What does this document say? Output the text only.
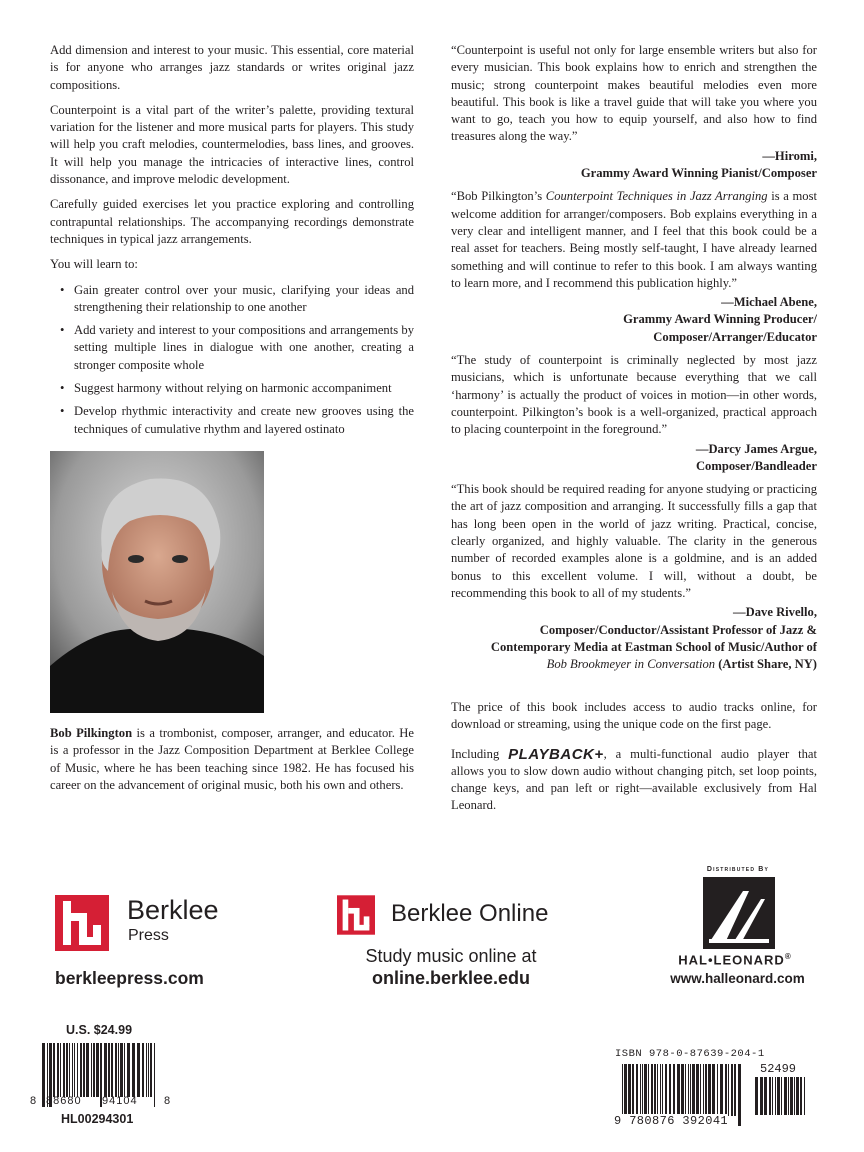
Add dimension and interest to your music. This essential, core material is for anyone who arranges jazz standards or writes original jazz compositions.

Counterpoint is a vital part of the writer’s palette, providing textural variation for the listener and more musical parts for players. This study will help you craft melodies, countermelodies, bass lines, and grooves. It will help you manage the intricacies of interactive lines, control dissonance, and improve melodic development.

Carefully guided exercises let you practice exploring and controlling contrapuntal relationships. The accompanying recordings demonstrate techniques in typical jazz arrangements.

You will learn to:

• Gain greater control over your music, clarifying your ideas and strengthening their relationship to one another
• Add variety and interest to your compositions and arrangements by setting multiple lines in dialogue with one another, creating a stronger composite whole
• Suggest harmony without relying on harmonic accompaniment
• Develop rhythmic interactivity and create new grooves using the techniques of cumulative rhythm and layered ostinato
Bob Pilkington is a trombonist, composer, arranger, and educator. He is a professor in the Jazz Composition Department at Berklee College of Music, where he has been teaching since 1982. He has focused his career on the advancement of original music, both his own and others.

“Counterpoint is useful not only for large ensemble writers but also for every musician. This book explains how to enrich and strengthen the music; strong counterpoint makes beautiful melodies even more beautiful. This book is like a travel guide that will take you where you want to go, teach you how to equip yourself, and also how to find treasures along the way.”

—Hiromi,
Grammy Award Winning Pianist/Composer

“Bob Pilkington’s Counterpoint Techniques in Jazz Arranging is a most welcome addition for arranger/composers. Bob explains everything in a very clear and intelligent manner, and I feel that this book could be a real asset for teachers. Being mostly self-taught, I have already learned something and will continue to refer to this book. I am always wanting to learn more, and I recommend this publication highly.”

—Michael Abene,
Grammy Award Winning Producer/
Composer/Arranger/Educator

“The study of counterpoint is criminally neglected by most jazz musicians, which is unfortunate because everything that we call ‘harmony’ is actually the product of voices in motion—in other words, counterpoint. Pilkington’s book is a well-organized, practical approach to placing counterpoint in the foreground.”

—Darcy James Argue,
Composer/Bandleader

“This book should be required reading for anyone studying or practicing the art of jazz composition and arranging. It successfully fills a gap that has long been open in the world of jazz writing. Practical, concise, clearly organized, and highly valuable. The clarity in the generous number of recorded examples alone is a goldmine, and is an added bonus to this excellent volume. I will, without a doubt, be recommending this book to all of my students.”

—Dave Rivello,
Composer/Conductor/Assistant Professor of Jazz &
Contemporary Media at Eastman School of Music/Author of
Bob Brookmeyer in Conversation (Artist Share, NY)

The price of this book includes access to audio tracks online, for download or streaming, using the unique code on the first page.

Including PLAYBACK+, a multi-functional audio player that allows you to slow down audio without changing pitch, set loop points, change keys, and pan left or right—available exclusively from Hal Leonard.

Berklee
Press
berkleepress.com
Berklee Online
Study music online at
online.berklee.edu
Distributed By
HAL•LEONARD®
www.halleonard.com
U.S. $24.99
8 88680 94104 8
HL00294301
ISBN 978-0-87639-204-1
52499
9 780876 392041
